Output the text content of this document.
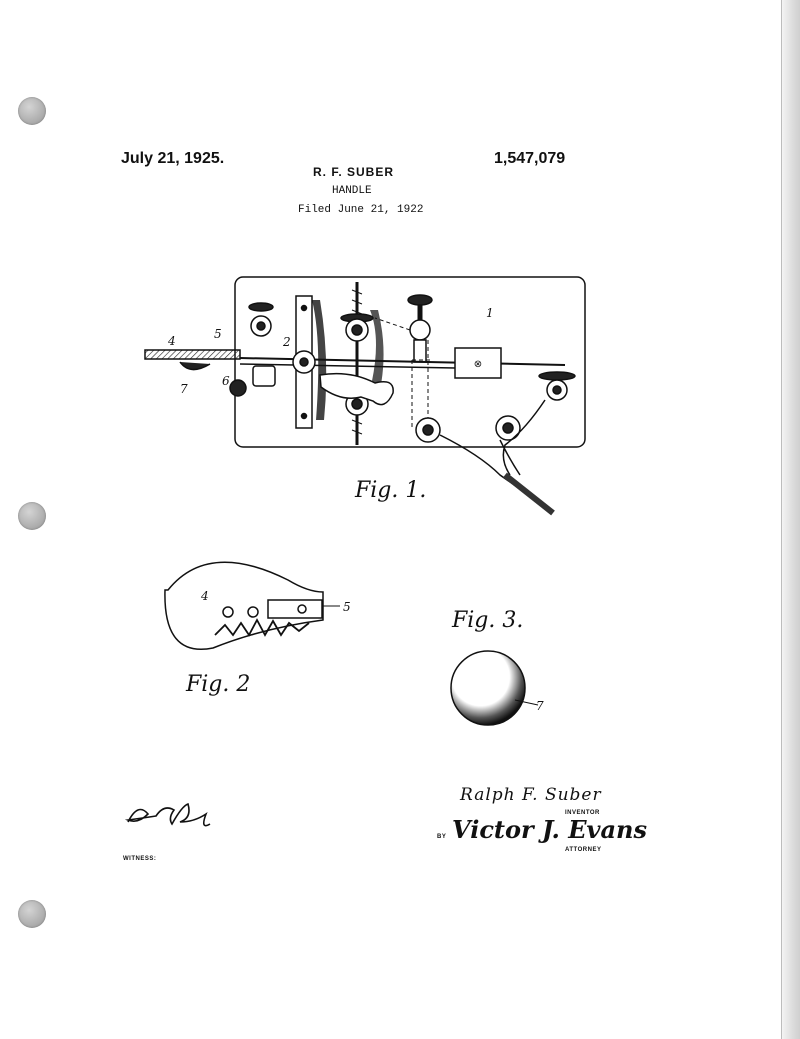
July 21, 1925.	1,547,079
R. F. SUBER
HANDLE
Filed June 21, 1922
⊗
1
4	5
6
7
2
4
5
7
Fig. 1.
Fig. 2
Fig. 3.
Ralph F. Suber
INVENTOR
BY Victor J. Evans
ATTORNEY
WITNESS:
